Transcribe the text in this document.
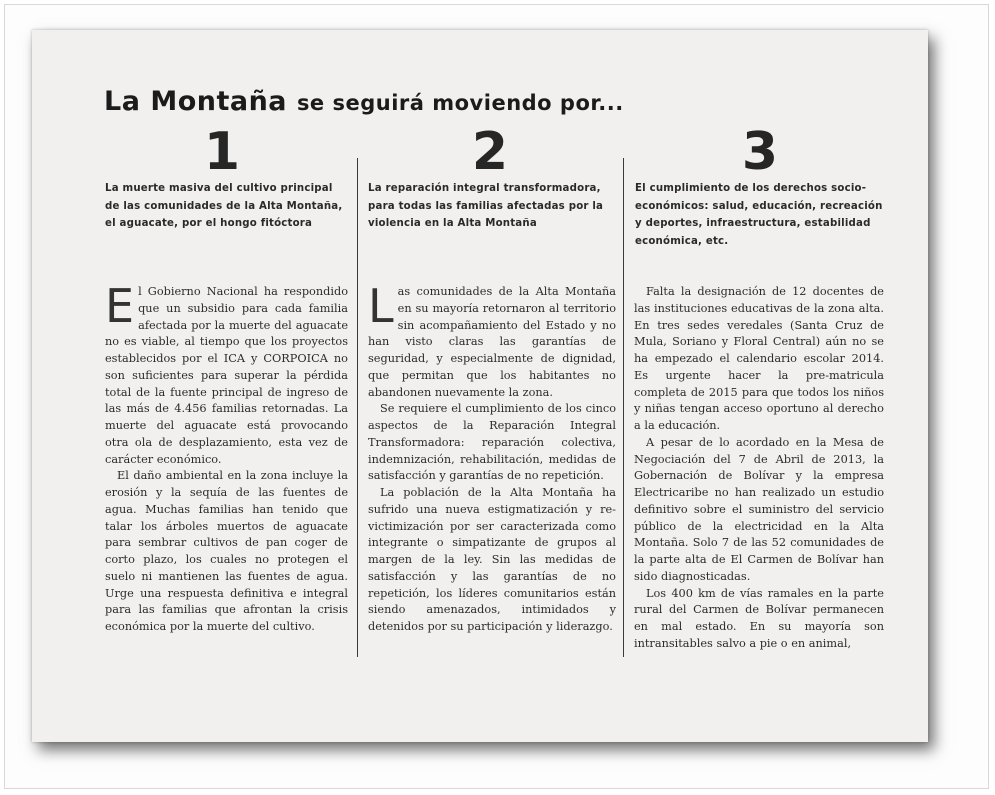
La Montaña se seguirá moviendo por...
1
La muerte masiva del cultivo principal de las comunidades de la Alta Montaña, el aguacate, por el hongo fitóctora

El Gobierno Nacional ha respondido que un subsidio para cada familia afectada por la muerte del aguacate no es viable, al tiempo que los proyectos establecidos por el ICA y CORPOICA no son suficientes para superar la pérdida total de la fuente principal de ingreso de las más de 4.456 familias retornadas. La muerte del aguacate está provocando otra ola de desplazamiento, esta vez de carácter económico.

El daño ambiental en la zona incluye la erosión y la sequía de las fuentes de agua. Muchas familias han tenido que talar los árboles muertos de aguacate para sembrar cultivos de pan coger de corto plazo, los cuales no protegen el suelo ni mantienen las fuentes de agua. Urge una respuesta definitiva e integral para las familias que afrontan la crisis económica por la muerte del cultivo.

2
La reparación integral transformadora, para todas las familias afectadas por la violencia en la Alta Montaña

Las comunidades de la Alta Montaña en su mayoría retornaron al territorio sin acompañamiento del Estado y no han visto claras las garantías de seguridad, y especialmente de dignidad, que permitan que los habitantes no abandonen nuevamente la zona.

Se requiere el cumplimiento de los cinco aspectos de la Reparación Integral Transformadora: reparación colectiva, indemnización, rehabilitación, medidas de satisfacción y garantías de no repetición.

La población de la Alta Montaña ha sufrido una nueva estigmatización y re-victimización por ser caracterizada como integrante o simpatizante de grupos al margen de la ley. Sin las medidas de satisfacción y las garantías de no repetición, los líderes comunitarios están siendo amenazados, intimidados y detenidos por su participación y liderazgo.

3
El cumplimiento de los derechos socio-económicos: salud, educación, recreación y deportes, infraestructura, estabilidad económica, etc.

Falta la designación de 12 docentes de las instituciones educativas de la zona alta. En tres sedes veredales (Santa Cruz de Mula, Soriano y Floral Central) aún no se ha empezado el calendario escolar 2014. Es urgente hacer la pre-matricula completa de 2015 para que todos los niños y niñas tengan acceso oportuno al derecho a la educación.

A pesar de lo acordado en la Mesa de Negociación del 7 de Abril de 2013, la Gobernación de Bolívar y la empresa Electricaribe no han realizado un estudio definitivo sobre el suministro del servicio público de la electricidad en la Alta Montaña. Solo 7 de las 52 comunidades de la parte alta de El Carmen de Bolívar han sido diagnosticadas.

Los 400 km de vías ramales en la parte rural del Carmen de Bolívar permanecen en mal estado. En su mayoría son intransitables salvo a pie o en animal,
